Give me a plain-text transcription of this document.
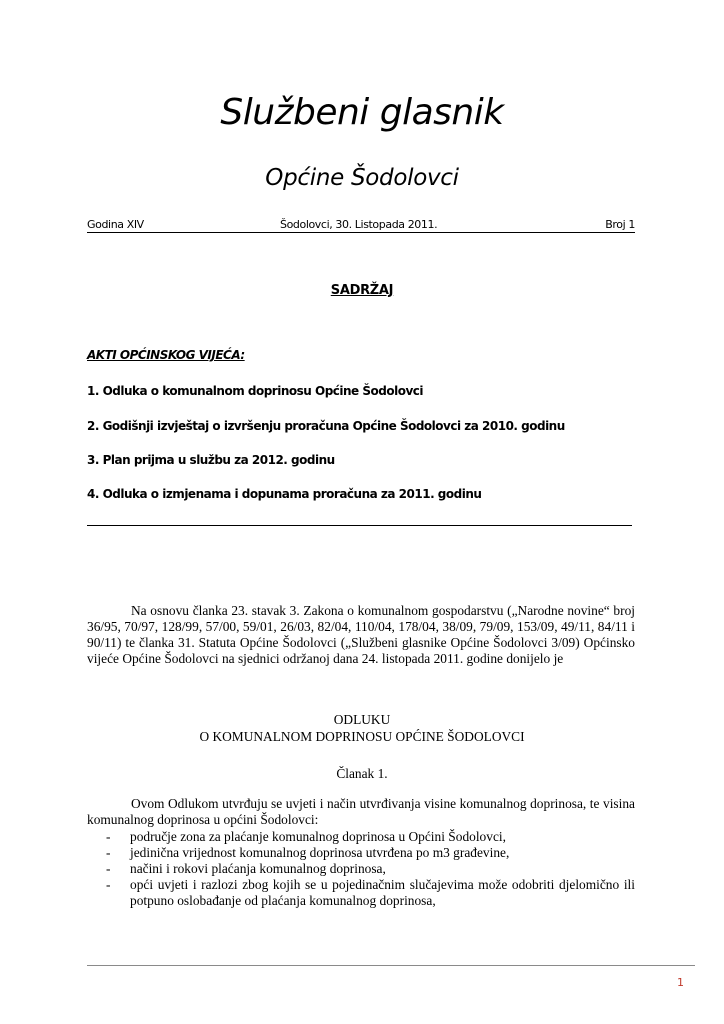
Službeni glasnik
Općine Šodolovci
Godina XIV	Šodolovci, 30. Listopada 2011.	Broj 1
SADRŽAJ
AKTI OPĆINSKOG VIJEĆA:
1. Odluka o komunalnom doprinosu Općine Šodolovci
2. Godišnji izvještaj o izvršenju proračuna Općine Šodolovci za 2010. godinu
3. Plan prijma u službu za 2012. godinu
4. Odluka o izmjenama i dopunama proračuna za 2011. godinu
Na osnovu članka 23. stavak 3. Zakona o komunalnom gospodarstvu („Narodne novine“ broj 36/95, 70/97, 128/99, 57/00, 59/01, 26/03, 82/04, 110/04, 178/04, 38/09, 79/09, 153/09, 49/11, 84/11 i 90/11) te članka 31. Statuta Općine Šodolovci („Službeni glasnike Općine Šodolovci 3/09) Općinsko vijeće Općine Šodolovci na sjednici održanoj dana 24. listopada 2011. godine donijelo je
ODLUKU
O KOMUNALNOM DOPRINOSU OPĆINE ŠODOLOVCI
Članak 1.
Ovom Odlukom utvrđuju se uvjeti i način utvrđivanja visine komunalnog doprinosa, te visina komunalnog doprinosa u općini Šodolovci:
- područje zona za plaćanje komunalnog doprinosa u Općini Šodolovci,
- jedinična vrijednost komunalnog doprinosa utvrđena po m3 građevine,
- načini i rokovi plaćanja komunalnog doprinosa,
- opći uvjeti i razlozi zbog kojih se u pojedinačnim slučajevima može odobriti djelomično ili potpuno oslobađanje od plaćanja komunalnog doprinosa,
1
